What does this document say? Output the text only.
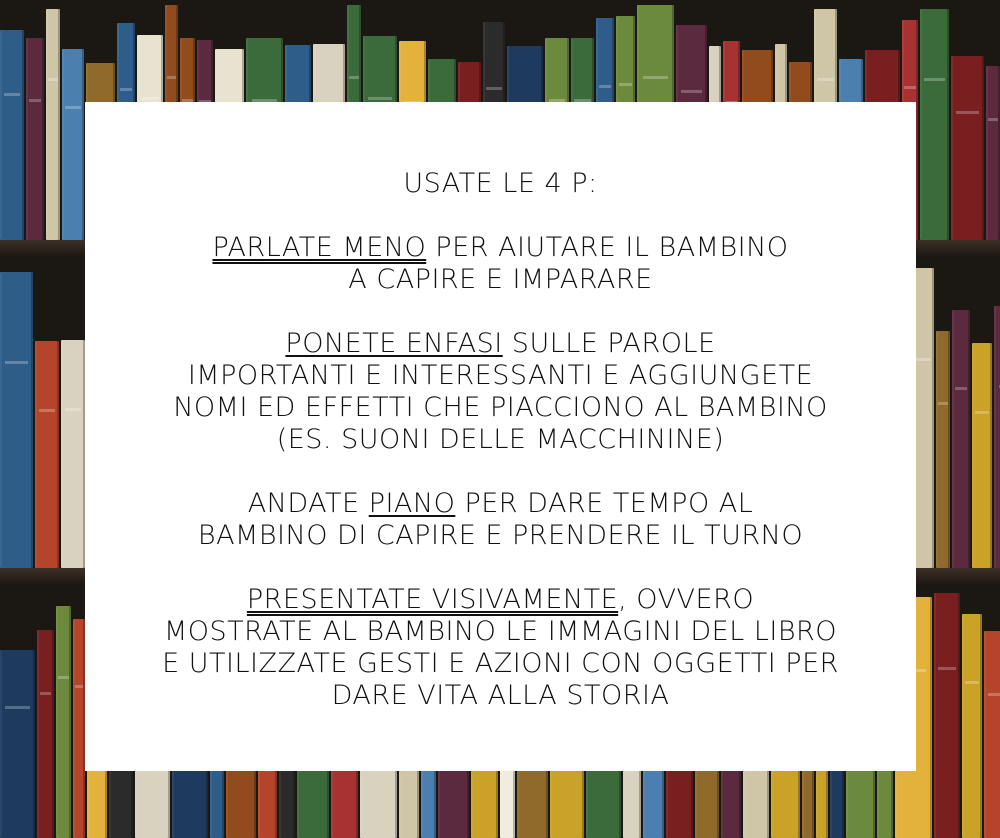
USATE LE 4 P:

PARLATE MENO PER AIUTARE IL BAMBINO
A CAPIRE E IMPARARE

PONETE ENFASI SULLE PAROLE
IMPORTANTI E INTERESSANTI E AGGIUNGETE NOMI ED EFFETTI CHE PIACCIONO AL BAMBINO (ES. SUONI DELLE MACCHININE)

ANDATE PIANO PER DARE TEMPO AL
BAMBINO DI CAPIRE E PRENDERE IL TURNO

PRESENTATE VISIVAMENTE, OVVERO
MOSTRATE AL BAMBINO LE IMMAGINI DEL LIBRO E UTILIZZATE GESTI E AZIONI CON OGGETTI PER DARE VITA ALLA STORIA
